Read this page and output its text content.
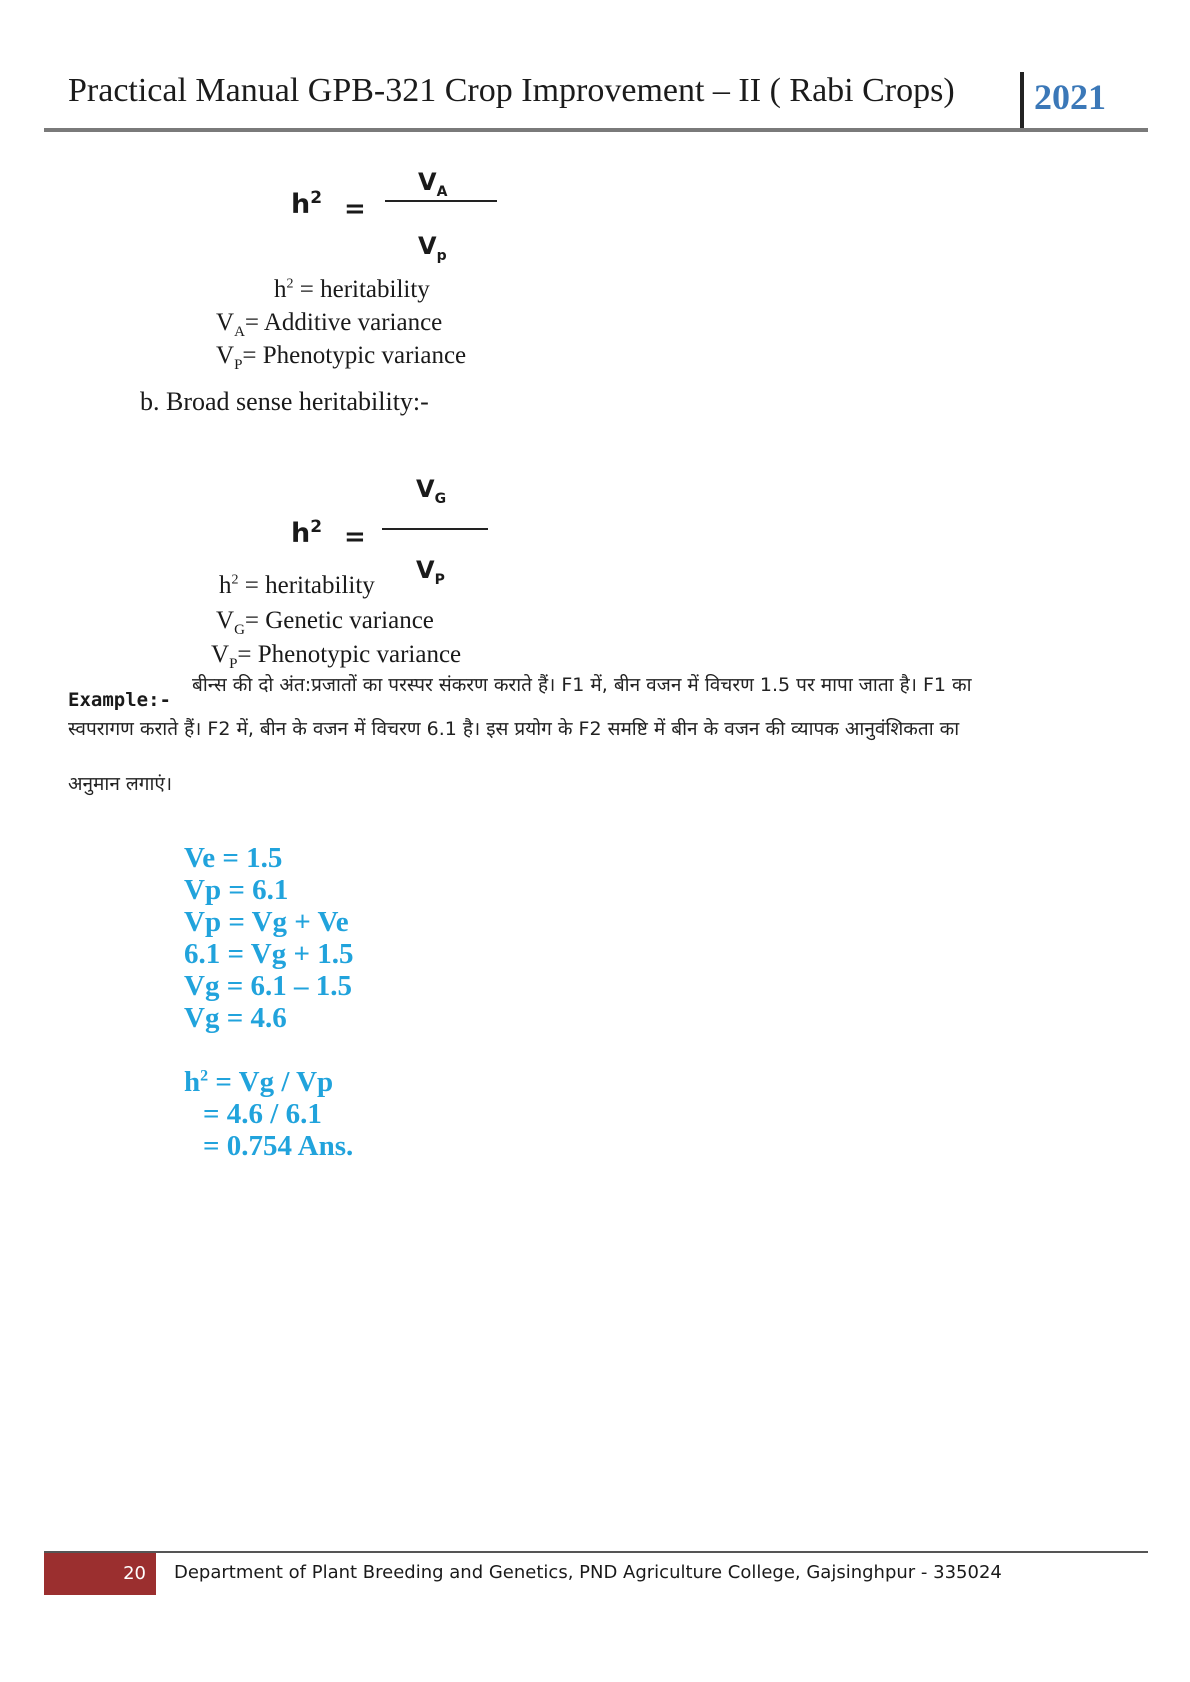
Practical Manual GPB-321 Crop Improvement – II ( Rabi Crops) 2021
$h^2$ =
$V_A$
$V_p$
$h^2$ = heritability
$V_A=$ Additive variance
$V_P=$ Phenotypic variance
b. Broad sense heritability:-
$h^2$ =
$V_G$
$V_P$
$h^2$ = heritability
$V_G=$ Genetic variance
$V_P=$ Phenotypic variance
Example:-
बीन्स की दो अंत:प्रजातों का परस्पर संकरण कराते हैं। F1 में, बीन वजन में विचरण 1.5 पर मापा जाता है। F1 का
स्वपरागण कराते हैं। F2 में, बीन के वजन में विचरण 6.1 है। इस प्रयोग के F2 समष्टि में बीन के वजन की व्यापक आनुवंशिकता का
अनुमान लगाएं।
Ve = 1.5
Vp = 6.1
Vp = Vg + Ve
6.1 = Vg + 1.5
Vg = 6.1 – 1.5
Vg = 4.6
$h^2 = Vg / Vp$
= 4.6 / 6.1
= 0.754 Ans.
20 Department of Plant Breeding and Genetics, PND Agriculture College, Gajsinghpur - 335024
